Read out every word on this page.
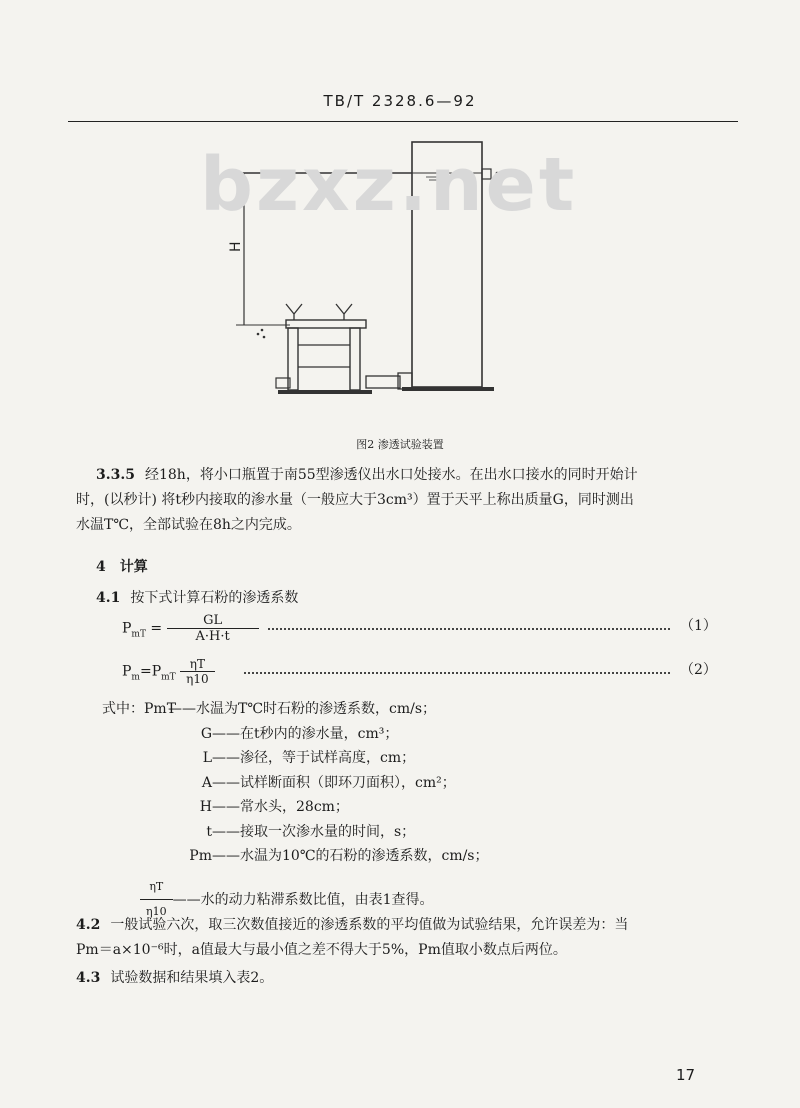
TB/T 2328.6—92
H
bzxz.net
图2 渗透试验装置
3.3.5 经18h，将小口瓶置于南55型渗透仪出水口处接水。在出水口接水的同时开始计
时，(以秒计) 将t秒内接取的渗水量（一般应大于3cm³）置于天平上称出质量G，同时测出
水温T℃，全部试验在8h之内完成。
4 计算
4.1 按下式计算石粉的渗透系数
$P_{mT} = \frac{GL}{A\cdot H\cdot t}$	（1）
$P_m=P_{mT} \frac{\eta T}{\eta 10}$	（2）
式中：PmT——水温为T℃时石粉的渗透系数，cm/s；
G——在t秒内的渗水量，cm³；
L——渗径，等于试样高度，cm；
A——试样断面积（即环刀面积），cm²；
H——常水头，28cm；
t——接取一次渗水量的时间，s；
Pm——水温为10℃的石粉的渗透系数，cm/s；
$\frac{\eta T}{\eta 10}$ ——水的动力粘滞系数比值，由表1查得。
4.2 一般试验六次，取三次数值接近的渗透系数的平均值做为试验结果，允许误差为：当
Pm＝a×10⁻⁶时，a值最大与最小值之差不得大于5%，Pm值取小数点后两位。
4.3 试验数据和结果填入表2。
17
